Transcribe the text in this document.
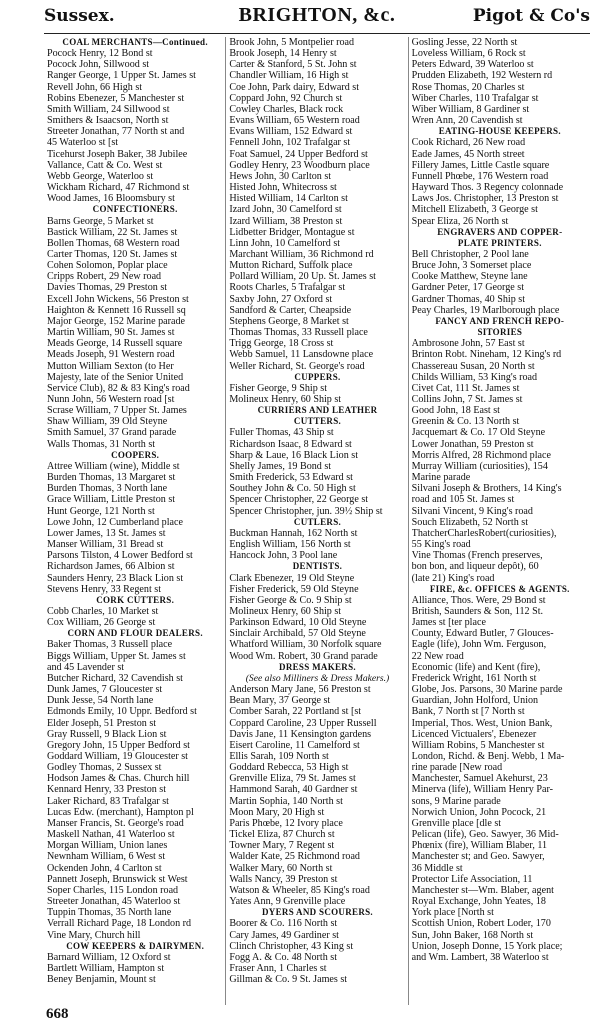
Sussex.	BRIGHTON, &c.	Pigot & Co's
COAL MERCHANTS—Continued.
Pocock Henry, 12 Bond st
Pocock John, Sillwood st
Ranger George, 1 Upper St. James st
Revell John, 66 High st
Robins Ebenezer, 5 Manchester st
Smith William, 24 Sillwood st
Smithers & Isaacson, North st
Streeter Jonathan, 77 North st and
45 Waterloo st [st
Ticehurst Joseph Baker, 38 Jubilee
Vallance, Catt & Co. West st
Webb George, Waterloo st
Wickham Richard, 47 Richmond st
Wood James, 16 Bloomsbury st
CONFECTIONERS.
Barns George, 5 Market st
Bastick William, 22 St. James st
Bollen Thomas, 68 Western road
Carter Thomas, 120 St. James st
Cohen Solomon, Poplar place
Cripps Robert, 29 New road
Davies Thomas, 29 Preston st
Excell John Wickens, 56 Preston st
Haighton & Kennett 16 Russell sq
Major George, 152 Marine parade
Martin William, 90 St. James st
Meads George, 14 Russell square
Meads Joseph, 91 Western road
Mutton William Sexton (to Her
Majesty, late of the Senior United
Service Club), 82 & 83 King's road
Nunn John, 56 Western road [st
Scrase William, 7 Upper St. James
Shaw William, 39 Old Steyne
Smith Samuel, 37 Grand parade
Walls Thomas, 31 North st
COOPERS.
Attree William (wine), Middle st
Burden Thomas, 13 Margaret st
Burden Thomas, 3 North lane
Grace William, Little Preston st
Hunt George, 121 North st
Lowe John, 12 Cumberland place
Lower James, 13 St. James st
Manser William, 31 Bread st
Parsons Tilston, 4 Lower Bedford st
Richardson James, 66 Albion st
Saunders Henry, 23 Black Lion st
Stevens Henry, 33 Regent st
CORK CUTTERS.
Cobb Charles, 10 Market st
Cox William, 26 George st
CORN AND FLOUR DEALERS.
Baker Thomas, 3 Russell place
Biggs William, Upper St. James st
and 45 Lavender st
Butcher Richard, 32 Cavendish st
Dunk James, 7 Gloucester st
Dunk Jesse, 54 North lane
Edmonds Emily, 10 Uppr. Bedford st
Elder Joseph, 51 Preston st
Gray Russell, 9 Black Lion st
Gregory John, 15 Upper Bedford st
Goddard William, 19 Gloucester st
Godley Thomas, 2 Sussex st
Hodson James & Chas. Church hill
Kennard Henry, 33 Preston st
Laker Richard, 83 Trafalgar st
Lucas Edw. (merchant), Hampton pl
Manser Francis, St. George's road
Maskell Nathan, 41 Waterloo st
Morgan William, Union lanes
Newnham William, 6 West st
Ockenden John, 4 Carlton st
Pannett Joseph, Brunswick st West
Soper Charles, 115 London road
Streeter Jonathan, 45 Waterloo st
Tuppin Thomas, 35 North lane
Verrall Richard Page, 18 London rd
Vine Mary, Church hill
COW KEEPERS & DAIRYMEN.
Barnard William, 12 Oxford st
Bartlett William, Hampton st
Beney Benjamin, Mount st
Brook John, 5 Montpelier road
Brook Joseph, 14 Henry st
Carter & Stanford, 5 St. John st
Chandler William, 16 High st
Coe John, Park dairy, Edward st
Coppard John, 92 Church st
Cowley Charles, Black rock
Evans William, 65 Western road
Evans William, 152 Edward st
Fennell John, 102 Trafalgar st
Foat Samuel, 24 Upper Bedford st
Godley Henry, 23 Woodburn place
Hews John, 30 Carlton st
Histed John, Whitecross st
Histed William, 14 Carlton st
Izard John, 30 Camelford st
Izard William, 38 Preston st
Lidbetter Bridger, Montague st
Linn John, 10 Camelford st
Marchant William, 36 Richmond rd
Mutton Richard, Suffolk place
Pollard William, 20 Up. St. James st
Roots Charles, 5 Trafalgar st
Saxby John, 27 Oxford st
Sandford & Carter, Cheapside
Stephens George, 8 Market st
Thomas Thomas, 33 Russell place
Trigg George, 18 Cross st
Webb Samuel, 11 Lansdowne place
Weller Richard, St. George's road
CUPPERS.
Fisher George, 9 Ship st
Molineux Henry, 60 Ship st
CURRIERS AND LEATHER
CUTTERS.
Fuller Thomas, 43 Ship st
Richardson Isaac, 8 Edward st
Sharp & Laue, 16 Black Lion st
Shelly James, 19 Bond st
Smith Frederick, 53 Edward st
Southey John & Co. 50 High st
Spencer Christopher, 22 George st
Spencer Christopher, jun. 39½ Ship st
CUTLERS.
Buckman Hannah, 162 North st
English William, 156 North st
Hancock John, 3 Pool lane
DENTISTS.
Clark Ebenezer, 19 Old Steyne
Fisher Frederick, 59 Old Steyne
Fisher George & Co. 9 Ship st
Molineux Henry, 60 Ship st
Parkinson Edward, 10 Old Steyne
Sinclair Archibald, 57 Old Steyne
Whatford William, 30 Norfolk square
Wood Wm. Robert, 30 Grand parade
DRESS MAKERS.
(See also Milliners & Dress Makers.)
Anderson Mary Jane, 56 Preston st
Bean Mary, 37 George st
Comber Sarah, 22 Portland st [st
Coppard Caroline, 23 Upper Russell
Davis Jane, 11 Kensington gardens
Eisert Caroline, 11 Camelford st
Ellis Sarah, 109 North st
Goddard Rebecca, 53 High st
Grenville Eliza, 79 St. James st
Hammond Sarah, 40 Gardner st
Martin Sophia, 140 North st
Moon Mary, 20 High st
Paris Phœbe, 12 Ivory place
Tickel Eliza, 87 Church st
Towner Mary, 7 Regent st
Walder Kate, 25 Richmond road
Walker Mary, 60 North st
Walls Nancy, 39 Preston st
Watson & Wheeler, 85 King's road
Yates Ann, 9 Grenville place
DYERS AND SCOURERS.
Boorer & Co. 116 North st
Cary James, 49 Gardiner st
Clinch Christopher, 43 King st
Fogg A. & Co. 48 North st
Fraser Ann, 1 Charles st
Gillman & Co. 9 St. James st
Gosling Jesse, 22 North st
Loveless William, 6 Rock st
Peters Edward, 39 Waterloo st
Prudden Elizabeth, 192 Western rd
Rose Thomas, 20 Charles st
Wiber Charles, 110 Trafalgar st
Wiber William, 8 Gardiner st
Wren Ann, 20 Cavendish st
EATING-HOUSE KEEPERS.
Cook Richard, 26 New road
Eade James, 45 North street
Fillery James, Little Castle square
Funnell Phœbe, 176 Western road
Hayward Thos. 3 Regency colonnade
Laws Jos. Christopher, 13 Preston st
Mitchell Elizabeth, 3 George st
Spear Eliza, 26 North st
ENGRAVERS AND COPPER-
PLATE PRINTERS.
Bell Christopher, 2 Pool lane
Bruce John, 3 Somerset place
Cooke Matthew, Steyne lane
Gardner Peter, 17 George st
Gardner Thomas, 40 Ship st
Peay Charles, 19 Marlborough place
FANCY AND FRENCH REPO-
SITORIES
Ambrosone John, 57 East st
Brinton Robt. Nineham, 12 King's rd
Chassereau Susan, 20 North st
Childs William, 53 King's road
Civet Cat, 111 St. James st
Collins John, 7 St. James st
Good John, 18 East st
Greenin & Co. 13 North st
Jacquemart & Co. 17 Old Steyne
Lower Jonathan, 59 Preston st
Morris Alfred, 28 Richmond place
Murray William (curiosities), 154
Marine parade
Silvani Joseph & Brothers, 14 King's
road and 105 St. James st
Silvani Vincent, 9 King's road
Souch Elizabeth, 52 North st
ThatcherCharlesRobert(curiosities),
55 King's road
Vine Thomas (French preserves,
bon bon, and liqueur depôt), 60
(late 21) King's road
FIRE, &c. OFFICES & AGENTS.
Alliance, Thos. Were, 29 Bond st
British, Saunders & Son, 112 St.
James st [ter place
County, Edward Butler, 7 Glouces-
Eagle (life), John Wm. Ferguson,
22 New road
Economic (life) and Kent (fire),
Frederick Wright, 161 North st
Globe, Jos. Parsons, 30 Marine parde
Guardian, John Holford, Union
Bank, 7 North st [7 North st
Imperial, Thos. West, Union Bank,
Licenced Victualers', Ebenezer
William Robins, 5 Manchester st
London, Richd. & Benj. Webb, 1 Ma-
rine parade [New road
Manchester, Samuel Akehurst, 23
Minerva (life), William Henry Par-
sons, 9 Marine parade
Norwich Union, John Pocock, 21
Grenville place [dle st
Pelican (life), Geo. Sawyer, 36 Mid-
Phœnix (fire), William Blaber, 11
Manchester st; and Geo. Sawyer,
36 Middle st
Protector Life Association, 11
Manchester st—Wm. Blaber, agent
Royal Exchange, John Yeates, 18
York place [North st
Scottish Union, Robert Loder, 170
Sun, John Baker, 168 North st
Union, Joseph Donne, 15 York place;
and Wm. Lambert, 38 Waterloo st
668
